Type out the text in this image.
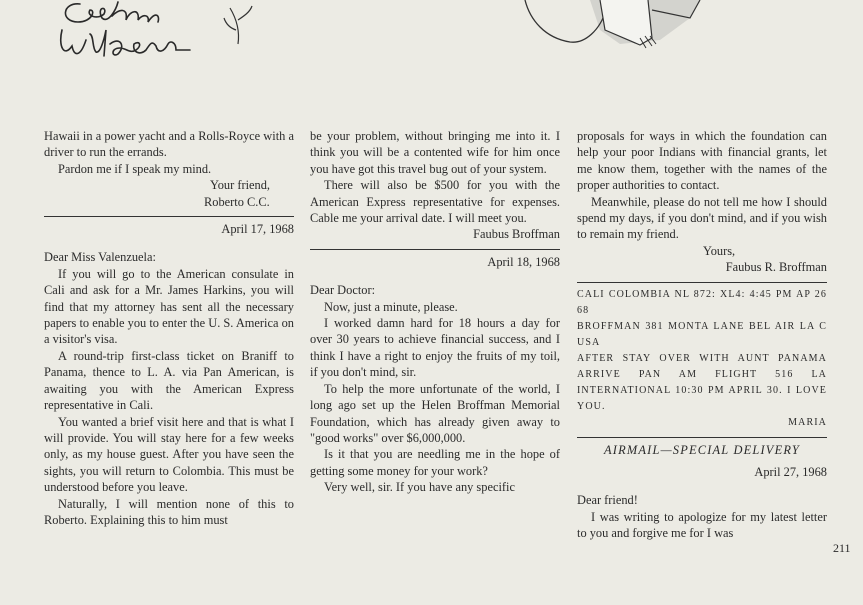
Hawaii in a power yacht and a Rolls-Royce with a driver to run the errands.

Pardon me if I speak my mind.

Your friend,
Roberto C.C.
April 17, 1968

Dear Miss Valenzuela:

If you will go to the American consulate in Cali and ask for a Mr. James Harkins, you will find that my attorney has sent all the necessary papers to enable you to enter the U. S. America on a visitor's visa.

A round-trip first-class ticket on Braniff to Panama, thence to L. A. via Pan American, is awaiting you with the American Express representative in Cali.

You wanted a brief visit here and that is what I will provide. You will stay here for a few weeks only, as my house guest. After you have seen the sights, you will return to Colombia. This must be understood before you leave.

Naturally, I will mention none of this to Roberto. Explaining this to him must

be your problem, without bringing me into it. I think you will be a contented wife for him once you have got this travel bug out of your system.

There will also be $500 for you with the American Express representative for expenses. Cable me your arrival date. I will meet you.

Faubus Broffman
April 18, 1968

Dear Doctor:

Now, just a minute, please.

I worked damn hard for 18 hours a day for over 30 years to achieve financial success, and I think I have a right to enjoy the fruits of my toil, if you don't mind, sir.

To help the more unfortunate of the world, I long ago set up the Helen Broffman Memorial Foundation, which has already given away to "good works" over $6,000,000.

Is it that you are needling me in the hope of getting some money for your work?

Very well, sir. If you have any specific

proposals for ways in which the foundation can help your poor Indians with financial grants, let me know them, together with the names of the proper authorities to contact.

Meanwhile, please do not tell me how I should spend my days, if you don't mind, and if you wish to remain my friend.

Yours,
Faubus R. Broffman
CALI COLOMBIA NL 872: XL4: 4:45 PM AP 26 68
BROFFMAN 381 MONTA LANE BEL AIR LA C USA
AFTER STAY OVER WITH AUNT PANAMA ARRIVE PAN AM FLIGHT 516 LA INTERNATIONAL 10:30 PM APRIL 30. I LOVE YOU.
MARIA
AIRMAIL—SPECIAL DELIVERY
April 27, 1968

Dear friend!

I was writing to apologize for my latest letter to you and forgive me for I was

211
